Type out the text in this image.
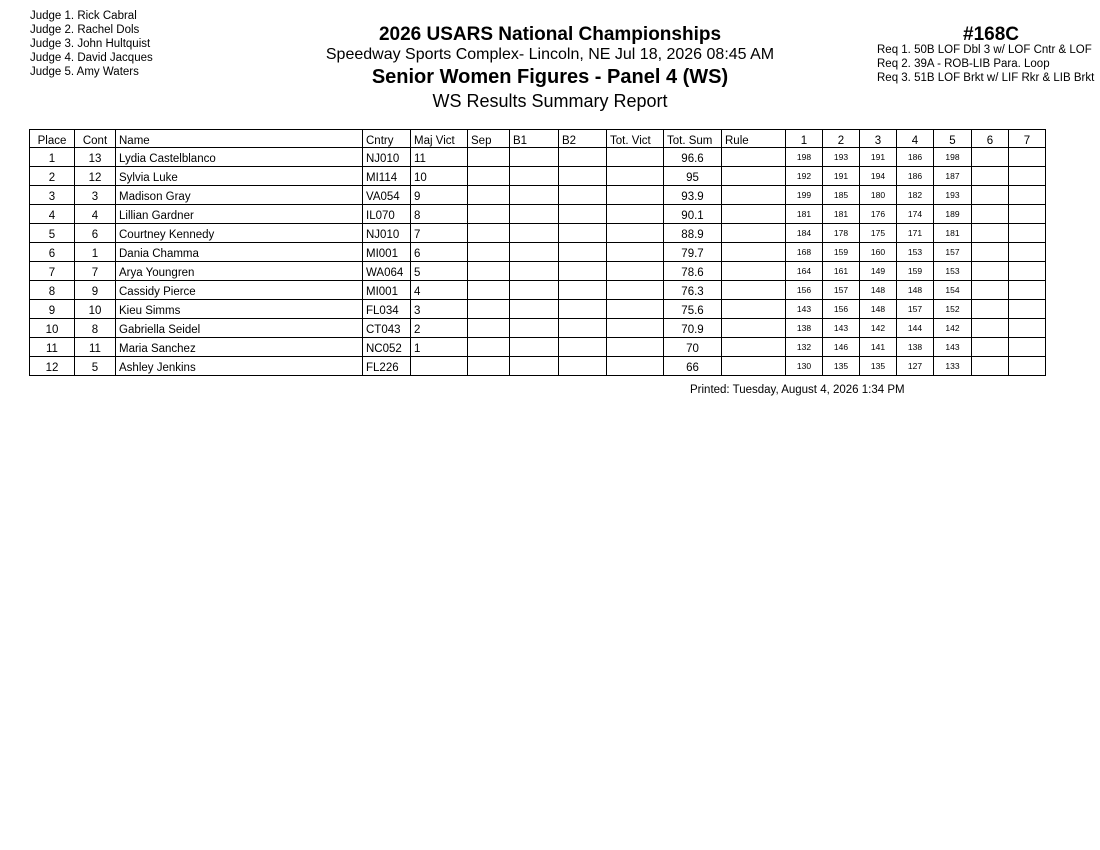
Judge 1. Rick Cabral
Judge 2. Rachel Dols
Judge 3. John Hultquist
Judge 4. David Jacques
Judge 5. Amy Waters
2026 USARS National Championships
Speedway Sports Complex- Lincoln, NE Jul 18, 2026 08:45 AM
Senior Women Figures - Panel 4 (WS)
WS Results Summary Report
#168C
Req 1. 50B LOF Dbl 3 w/ LOF Cntr & LOF
Req 2. 39A - ROB-LIB Para. Loop
Req 3. 51B LOF Brkt w/ LIF Rkr & LIB Brkt
Place	Cont	Name	Cntry	Maj Vict	Sep	B1	B2	Tot. Vict	Tot. Sum	Rule	1	2	3	4	5	6	7
1	13	Lydia Castelblanco	NJ010	11					96.6		198	193	191	186	198		
2	12	Sylvia Luke	MI114	10					95		192	191	194	186	187		
3	3	Madison Gray	VA054	9					93.9		199	185	180	182	193		
4	4	Lillian Gardner	IL070	8					90.1		181	181	176	174	189		
5	6	Courtney Kennedy	NJ010	7					88.9		184	178	175	171	181		
6	1	Dania Chamma	MI001	6					79.7		168	159	160	153	157		
7	7	Arya Youngren	WA064	5					78.6		164	161	149	159	153		
8	9	Cassidy Pierce	MI001	4					76.3		156	157	148	148	154		
9	10	Kieu Simms	FL034	3					75.6		143	156	148	157	152		
10	8	Gabriella Seidel	CT043	2					70.9		138	143	142	144	142		
11	11	Maria Sanchez	NC052	1					70		132	146	141	138	143		
12	5	Ashley Jenkins	FL226						66		130	135	135	127	133		
Printed: Tuesday, August 4, 2026 1:34 PM
